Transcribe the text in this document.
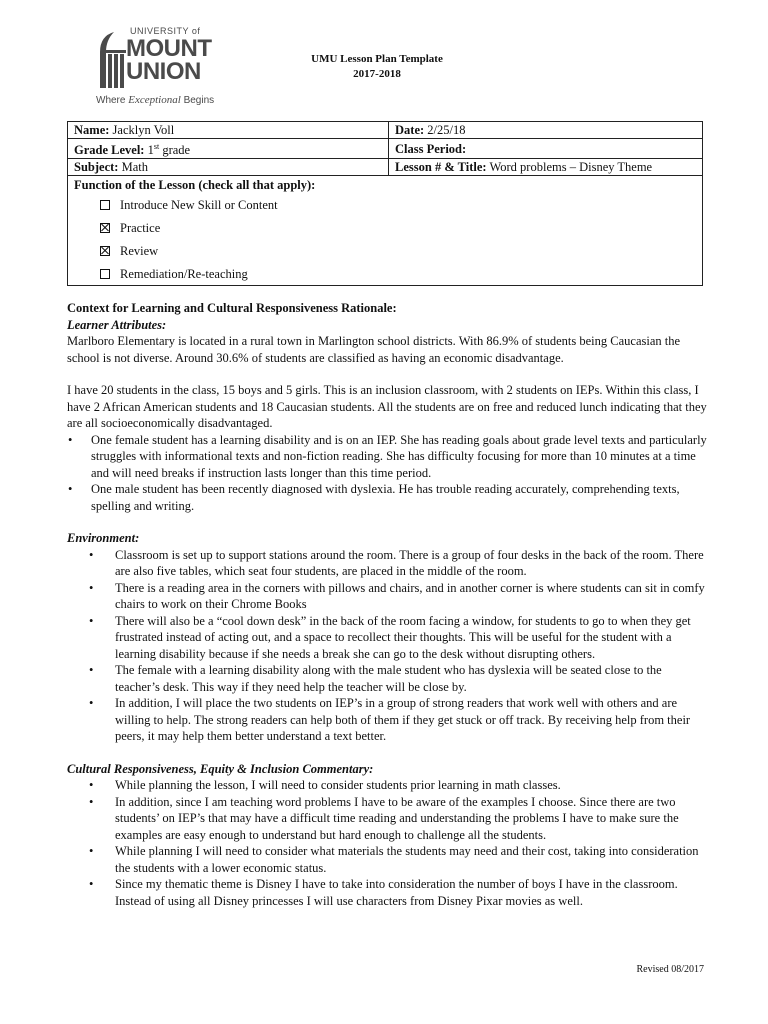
UNIVERSITY of
MOUNT
UNION
Where Exceptional Begins
UMU Lesson Plan Template
2017-2018
Name: Jacklyn Voll	Date: 2/25/18
Grade Level: 1st grade	Class Period:
Subject: Math	Lesson # & Title: Word problems – Disney Theme
Function of the Lesson (check all that apply):
Introduce New Skill or Content
Practice
Review
Remediation/Re-teaching	

Context for Learning and Cultural Responsiveness Rationale:

Learner Attributes:

Marlboro Elementary is located in a rural town in Marlington school districts. With 86.9% of students being Caucasian the school is not diverse. Around 30.6% of students are classified as having an economic disadvantage.

I have 20 students in the class, 15 boys and 5 girls. This is an inclusion classroom, with 2 students on IEPs. Within this class, I have 2 African American students and 18 Caucasian students. All the students are on free and reduced lunch indicating that they are all socioeconomically disadvantaged.

• One female student has a learning disability and is on an IEP. She has reading goals about grade level texts and particularly struggles with informational texts and non-fiction reading. She has difficulty focusing for more than 10 minutes at a time and will need breaks if instruction lasts longer than this time period.
• One male student has been recently diagnosed with dyslexia. He has trouble reading accurately, comprehending texts, spelling and writing.

Environment:

• Classroom is set up to support stations around the room. There is a group of four desks in the back of the room. There are also five tables, which seat four students, are placed in the middle of the room.
• There is a reading area in the corners with pillows and chairs, and in another corner is where students can sit in comfy chairs to work on their Chrome Books
• There will also be a “cool down desk” in the back of the room facing a window, for students to go to when they get frustrated instead of acting out, and a space to recollect their thoughts. This will be useful for the student with a learning disability because if she needs a break she can go to the desk without disrupting others.
• The female with a learning disability along with the male student who has dyslexia will be seated close to the teacher’s desk. This way if they need help the teacher will be close by.
• In addition, I will place the two students on IEP’s in a group of strong readers that work well with others and are willing to help. The strong readers can help both of them if they get stuck or off track. By receiving help from their peers, it may help them better understand a text better.

Cultural Responsiveness, Equity & Inclusion Commentary:

• While planning the lesson, I will need to consider students prior learning in math classes.
• In addition, since I am teaching word problems I have to be aware of the examples I choose. Since there are two students’ on IEP’s that may have a difficult time reading and understanding the problems I have to make sure the examples are easy enough to understand but hard enough to challenge all the students.
• While planning I will need to consider what materials the students may need and their cost, taking into consideration the students with a lower economic status.
• Since my thematic theme is Disney I have to take into consideration the number of boys I have in the classroom. Instead of using all Disney princesses I will use characters from Disney Pixar movies as well.
Revised 08/2017
